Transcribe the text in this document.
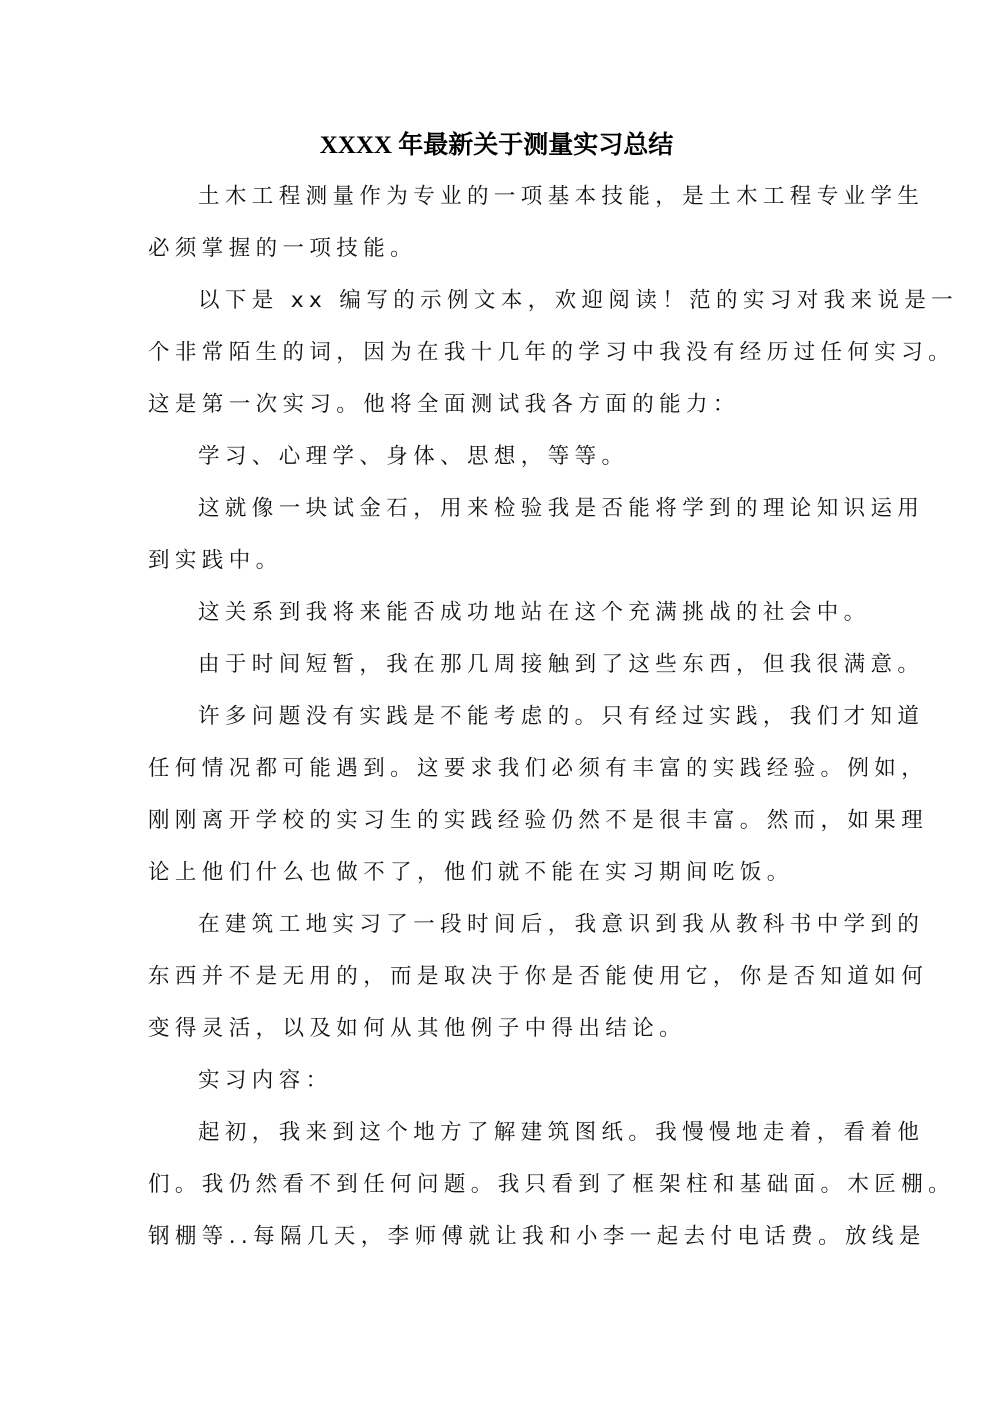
XXXX 年最新关于测量实习总结
土木工程测量作为专业的一项基本技能，是土木工程专业学生
必须掌握的一项技能。
以下是 xx 编写的示例文本，欢迎阅读！范的实习对我来说是一
个非常陌生的词，因为在我十几年的学习中我没有经历过任何实习。
这是第一次实习。他将全面测试我各方面的能力：
学习、心理学、身体、思想，等等。
这就像一块试金石，用来检验我是否能将学到的理论知识运用
到实践中。
这关系到我将来能否成功地站在这个充满挑战的社会中。
由于时间短暂，我在那几周接触到了这些东西，但我很满意。
许多问题没有实践是不能考虑的。只有经过实践，我们才知道
任何情况都可能遇到。这要求我们必须有丰富的实践经验。例如，
刚刚离开学校的实习生的实践经验仍然不是很丰富。然而，如果理
论上他们什么也做不了，他们就不能在实习期间吃饭。
在建筑工地实习了一段时间后，我意识到我从教科书中学到的
东西并不是无用的，而是取决于你是否能使用它，你是否知道如何
变得灵活，以及如何从其他例子中得出结论。
实习内容：
起初，我来到这个地方了解建筑图纸。我慢慢地走着，看着他
们。我仍然看不到任何问题。我只看到了框架柱和基础面。木匠棚。
钢棚等..每隔几天，李师傅就让我和小李一起去付电话费。放线是
